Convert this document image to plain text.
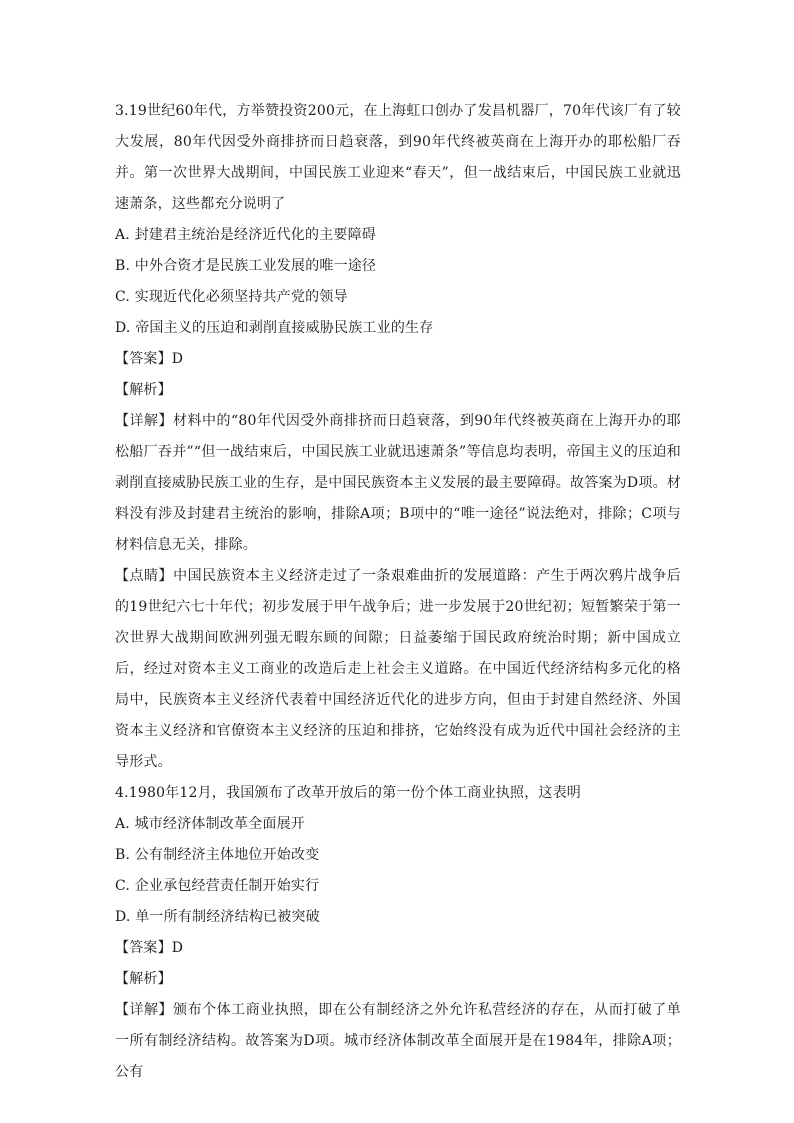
3.19世纪60年代，方举赞投资200元，在上海虹口创办了发昌机器厂，70年代该厂有了较大发展，80年代因受外商排挤而日趋衰落，到90年代终被英商在上海开办的耶松船厂吞并。第一次世界大战期间，中国民族工业迎来“春天”，但一战结束后，中国民族工业就迅速萧条，这些都充分说明了
A. 封建君主统治是经济近代化的主要障碍
B. 中外合资才是民族工业发展的唯一途径
C. 实现近代化必须坚持共产党的领导
D. 帝国主义的压迫和剥削直接威胁民族工业的生存
【答案】D
【解析】
【详解】材料中的“80年代因受外商排挤而日趋衰落，到90年代终被英商在上海开办的耶松船厂吞并”“但一战结束后，中国民族工业就迅速萧条”等信息均表明，帝国主义的压迫和剥削直接威胁民族工业的生存，是中国民族资本主义发展的最主要障碍。故答案为D项。材料没有涉及封建君主统治的影响，排除A项；B项中的“唯一途径”说法绝对，排除；C项与材料信息无关，排除。
【点睛】中国民族资本主义经济走过了一条艰难曲折的发展道路：产生于两次鸦片战争后的19世纪六七十年代；初步发展于甲午战争后；进一步发展于20世纪初；短暂繁荣于第一次世界大战期间欧洲列强无暇东顾的间隙；日益萎缩于国民政府统治时期；新中国成立后，经过对资本主义工商业的改造后走上社会主义道路。在中国近代经济结构多元化的格局中，民族资本主义经济代表着中国经济近代化的进步方向，但由于封建自然经济、外国资本主义经济和官僚资本主义经济的压迫和排挤，它始终没有成为近代中国社会经济的主导形式。
4.1980年12月，我国颁布了改革开放后的第一份个体工商业执照，这表明
A. 城市经济体制改革全面展开
B. 公有制经济主体地位开始改变
C. 企业承包经营责任制开始实行
D. 单一所有制经济结构已被突破
【答案】D
【解析】
【详解】颁布个体工商业执照，即在公有制经济之外允许私营经济的存在，从而打破了单一所有制经济结构。故答案为D项。城市经济体制改革全面展开是在1984年，排除A项；公有
